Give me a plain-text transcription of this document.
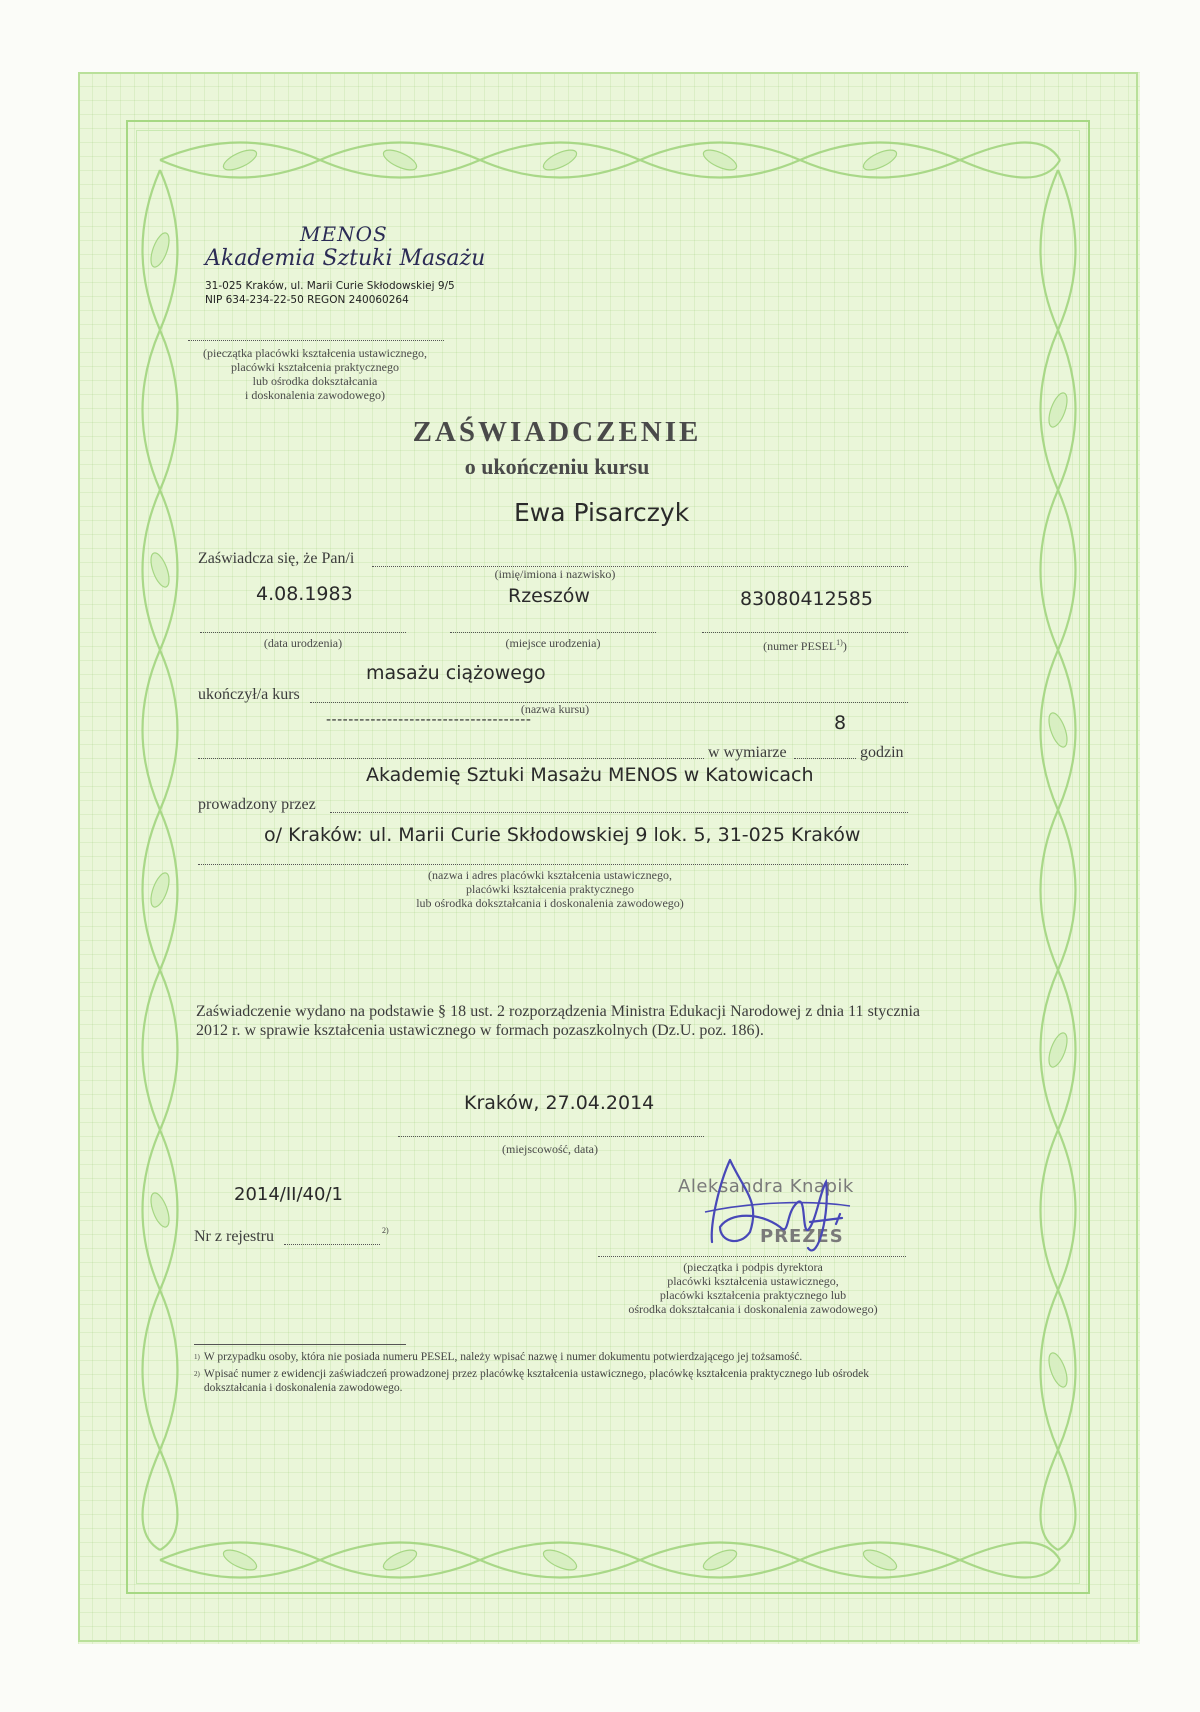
MENOS
Akademia Sztuki Masażu
31-025 Kraków, ul. Marii Curie Skłodowskiej 9/5
NIP 634-234-22-50 REGON 240060264
(pieczątka placówki kształcenia ustawicznego,
placówki kształcenia praktycznego
lub ośrodka dokształcania
i doskonalenia zawodowego)
ZAŚWIADCZENIE
o ukończeniu kursu
Ewa Pisarczyk
Zaświadcza się, że Pan/i
(imię/imiona i nazwisko)
4.08.1983	Rzeszów	83080412585
(data urodzenia)	(miejsce urodzenia)	(numer PESEL$^{1)}$)
masażu ciążowego
ukończył/a kurs
(nazwa kursu)
-------------------------------------	8
w wymiarze	godzin
Akademię Sztuki Masażu MENOS w Katowicach
prowadzony przez
o/ Kraków: ul. Marii Curie Skłodowskiej 9 lok. 5, 31-025 Kraków
(nazwa i adres placówki kształcenia ustawicznego,
placówki kształcenia praktycznego
lub ośrodka dokształcania i doskonalenia zawodowego)
Zaświadczenie wydano na podstawie § 18 ust. 2 rozporządzenia Ministra Edukacji Narodowej z dnia 11 stycznia 2012 r. w sprawie kształcenia ustawicznego w formach pozaszkolnych (Dz.U. poz. 186).
Kraków, 27.04.2014
(miejscowość, data)
2014/II/40/1
Nr z rejestru	2)
Aleksandra Knapik
PREZES
(pieczątka i podpis dyrektora
placówki kształcenia ustawicznego,
placówki kształcenia praktycznego lub
ośrodka dokształcania i doskonalenia zawodowego)
1) W przypadku osoby, która nie posiada numeru PESEL, należy wpisać nazwę i numer dokumentu potwierdzającego jej tożsamość.
2) Wpisać numer z ewidencji zaświadczeń prowadzonej przez placówkę kształcenia ustawicznego, placówkę kształcenia praktycznego lub ośrodek dokształcania i doskonalenia zawodowego.
